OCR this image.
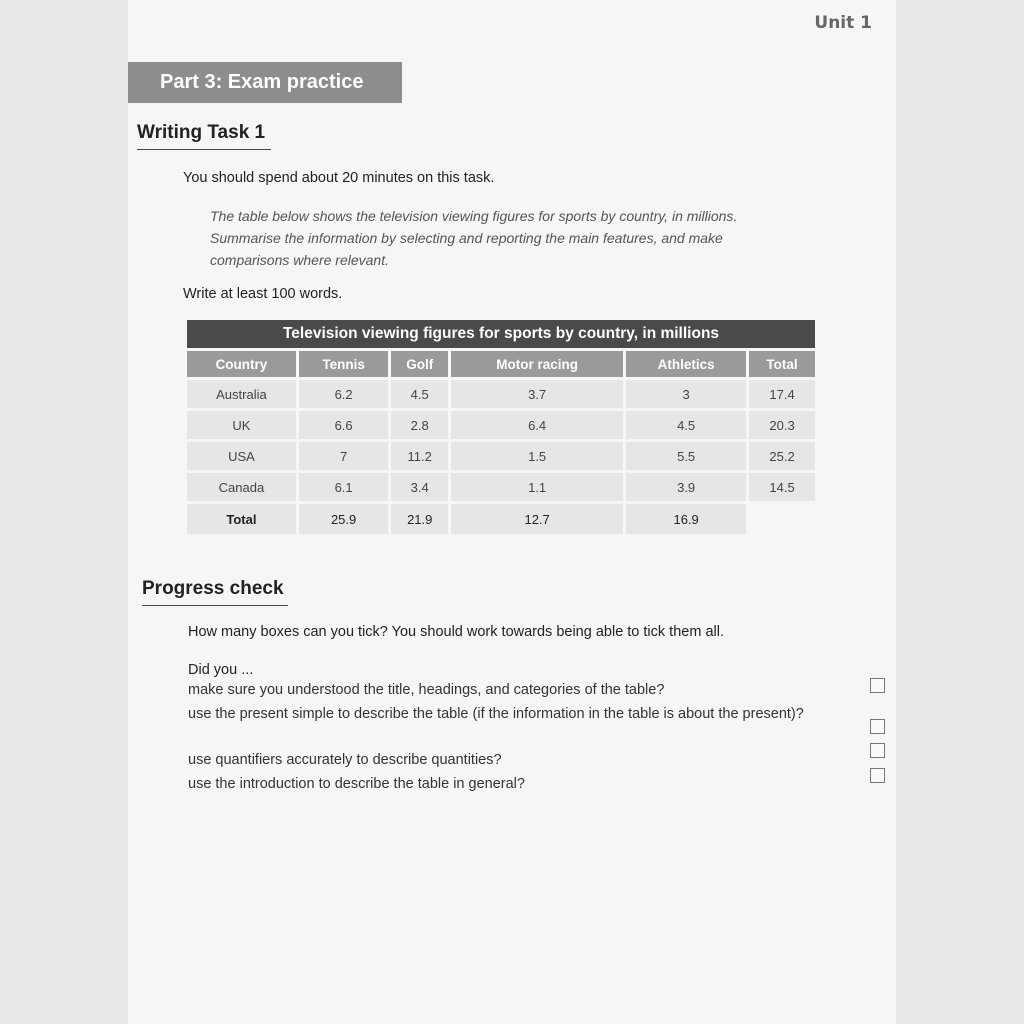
Unit 1
Part 3: Exam practice
Writing Task 1
You should spend about 20 minutes on this task.
The table below shows the television viewing figures for sports by country, in millions.
Summarise the information by selecting and reporting the main features, and make
comparisons where relevant.
Write at least 100 words.
Television viewing figures for sports by country, in millions					
Country	Tennis	Golf	Motor racing	Athletics	Total
Australia	6.2	4.5	3.7	3	17.4
UK	6.6	2.8	6.4	4.5	20.3
USA	7	11.2	1.5	5.5	25.2
Canada	6.1	3.4	1.1	3.9	14.5
Total	25.9	21.9	12.7	16.9	
Progress check
How many boxes can you tick? You should work towards being able to tick them all.
Did you ...
make sure you understood the title, headings, and categories of the table?
use the present simple to describe the table (if the information in the table is about the present)?
use quantifiers accurately to describe quantities?
use the introduction to describe the table in general?
